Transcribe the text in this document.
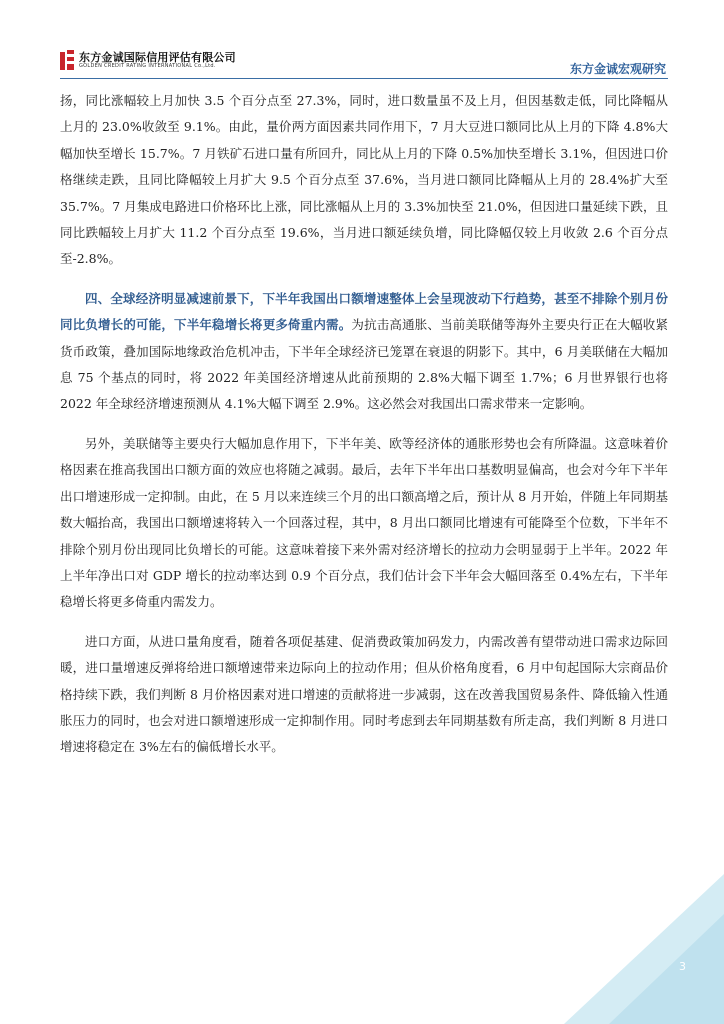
东方金诚国际信用评估有限公司
GOLDEN CREDIT RATING INTERNATIONAL Co.,Ltd.	东方金诚宏观研究

扬，同比涨幅较上月加快 3.5 个百分点至 27.3%，同时，进口数量虽不及上月，但因基数走低，同比降幅从上月的 23.0%收敛至 9.1%。由此，量价两方面因素共同作用下，7 月大豆进口额同比从上月的下降 4.8%大幅加快至增长 15.7%。7 月铁矿石进口量有所回升，同比从上月的下降 0.5%加快至增长 3.1%，但因进口价格继续走跌，且同比降幅较上月扩大 9.5 个百分点至 37.6%，当月进口额同比降幅从上月的 28.4%扩大至 35.7%。7 月集成电路进口价格环比上涨，同比涨幅从上月的 3.3%加快至 21.0%，但因进口量延续下跌，且同比跌幅较上月扩大 11.2 个百分点至 19.6%，当月进口额延续负增，同比降幅仅较上月收敛 2.6 个百分点至-2.8%。

四、全球经济明显减速前景下，下半年我国出口额增速整体上会呈现波动下行趋势，甚至不排除个别月份同比负增长的可能，下半年稳增长将更多倚重内需。为抗击高通胀、当前美联储等海外主要央行正在大幅收紧货币政策，叠加国际地缘政治危机冲击，下半年全球经济已笼罩在衰退的阴影下。其中，6 月美联储在大幅加息 75 个基点的同时，将 2022 年美国经济增速从此前预期的 2.8%大幅下调至 1.7%；6 月世界银行也将 2022 年全球经济增速预测从 4.1%大幅下调至 2.9%。这必然会对我国出口需求带来一定影响。

另外，美联储等主要央行大幅加息作用下，下半年美、欧等经济体的通胀形势也会有所降温。这意味着价格因素在推高我国出口额方面的效应也将随之减弱。最后，去年下半年出口基数明显偏高，也会对今年下半年出口增速形成一定抑制。由此，在 5 月以来连续三个月的出口额高增之后，预计从 8 月开始，伴随上年同期基数大幅抬高，我国出口额增速将转入一个回落过程，其中，8 月出口额同比增速有可能降至个位数，下半年不排除个别月份出现同比负增长的可能。这意味着接下来外需对经济增长的拉动力会明显弱于上半年。2022 年上半年净出口对 GDP 增长的拉动率达到 0.9 个百分点，我们估计会下半年会大幅回落至 0.4%左右，下半年稳增长将更多倚重内需发力。

进口方面，从进口量角度看，随着各项促基建、促消费政策加码发力，内需改善有望带动进口需求边际回暖，进口量增速反弹将给进口额增速带来边际向上的拉动作用；但从价格角度看，6 月中旬起国际大宗商品价格持续下跌，我们判断 8 月价格因素对进口增速的贡献将进一步减弱，这在改善我国贸易条件、降低输入性通胀压力的同时，也会对进口额增速形成一定抑制作用。同时考虑到去年同期基数有所走高，我们判断 8 月进口增速将稳定在 3%左右的偏低增长水平。

3
